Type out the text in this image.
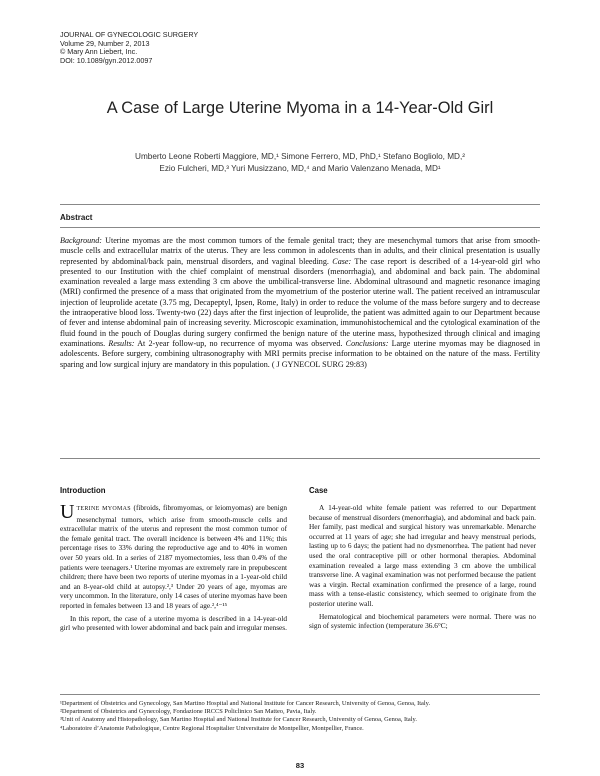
JOURNAL OF GYNECOLOGIC SURGERY
Volume 29, Number 2, 2013
© Mary Ann Liebert, Inc.
DOI: 10.1089/gyn.2012.0097
A Case of Large Uterine Myoma in a 14-Year-Old Girl
Umberto Leone Roberti Maggiore, MD,¹ Simone Ferrero, MD, PhD,¹ Stefano Bogliolo, MD,²
Ezio Fulcheri, MD,³ Yuri Musizzano, MD,⁴ and Mario Valenzano Menada, MD¹
Abstract
Background: Uterine myomas are the most common tumors of the female genital tract; they are mesenchymal tumors that arise from smooth-muscle cells and extracellular matrix of the uterus. They are less common in adolescents than in adults, and their clinical presentation is usually represented by abdominal/back pain, menstrual disorders, and vaginal bleeding. Case: The case report is described of a 14-year-old girl who presented to our Institution with the chief complaint of menstrual disorders (menorrhagia), and abdominal and back pain. The abdominal examination revealed a large mass extending 3 cm above the umbilical-transverse line. Abdominal ultrasound and magnetic resonance imaging (MRI) confirmed the presence of a mass that originated from the myometrium of the posterior uterine wall. The patient received an intramuscular injection of leuprolide acetate (3.75 mg, Decapeptyl, Ipsen, Rome, Italy) in order to reduce the volume of the mass before surgery and to decrease the intraoperative blood loss. Twenty-two (22) days after the first injection of leuprolide, the patient was admitted again to our Department because of fever and intense abdominal pain of increasing severity. Microscopic examination, immunohistochemical and the cytological examination of the fluid found in the pouch of Douglas during surgery confirmed the benign nature of the uterine mass, hypothesized through clinical and imaging examinations. Results: At 2-year follow-up, no recurrence of myoma was observed. Conclusions: Large uterine myomas may be diagnosed in adolescents. Before surgery, combining ultrasonography with MRI permits precise information to be obtained on the nature of the mass. Fertility sparing and low surgical injury are mandatory in this population. ( J GYNECOL SURG 29:83)
Introduction
UTERINE MYOMAS (fibroids, fibromyomas, or leiomyomas) are benign mesenchymal tumors, which arise from smooth-muscle cells and extracellular matrix of the uterus and represent the most common tumor of the female genital tract. The overall incidence is between 4% and 11%; this percentage rises to 33% during the reproductive age and to 40% in women over 50 years old. In a series of 2187 myomectomies, less than 0.4% of the patients were teenagers.¹ Uterine myomas are extremely rare in prepubescent children; there have been two reports of uterine myomas in a 1-year-old child and an 8-year-old child at autopsy.²,³ Under 20 years of age, myomas are very uncommon. In the literature, only 14 cases of uterine myomas have been reported in females between 13 and 18 years of age.²,⁴⁻¹⁵
In this report, the case of a uterine myoma is described in a 14-year-old girl who presented with lower abdominal and back pain and irregular menses.
Case
A 14-year-old white female patient was referred to our Department because of menstrual disorders (menorrhagia), and abdominal and back pain. Her family, past medical and surgical history was unremarkable. Menarche occurred at 11 years of age; she had irregular and heavy menstrual periods, lasting up to 6 days; the patient had no dysmenorrhea. The patient had never used the oral contraceptive pill or other hormonal therapies. Abdominal examination revealed a large mass extending 3 cm above the umbilical transverse line. A vaginal examination was not performed because the patient was a virgin. Rectal examination confirmed the presence of a large, round mass with a tense-elastic consistency, which seemed to originate from the posterior uterine wall.
Hematological and biochemical parameters were normal. There was no sign of systemic infection (temperature 36.6°C;
¹Department of Obstetrics and Gynecology, San Martino Hospital and National Institute for Cancer Research, University of Genoa, Genoa, Italy.
²Department of Obstetrics and Gynecology, Fondazione IRCCS Policlinico San Matteo, Pavia, Italy.
³Unit of Anatomy and Histopathology, San Martino Hospital and National Institute for Cancer Research, University of Genoa, Genoa, Italy.
⁴Laboratoire d’Anatomie Pathologique, Centre Regional Hospitalier Universitaire de Montpellier, Montpellier, France.
83
